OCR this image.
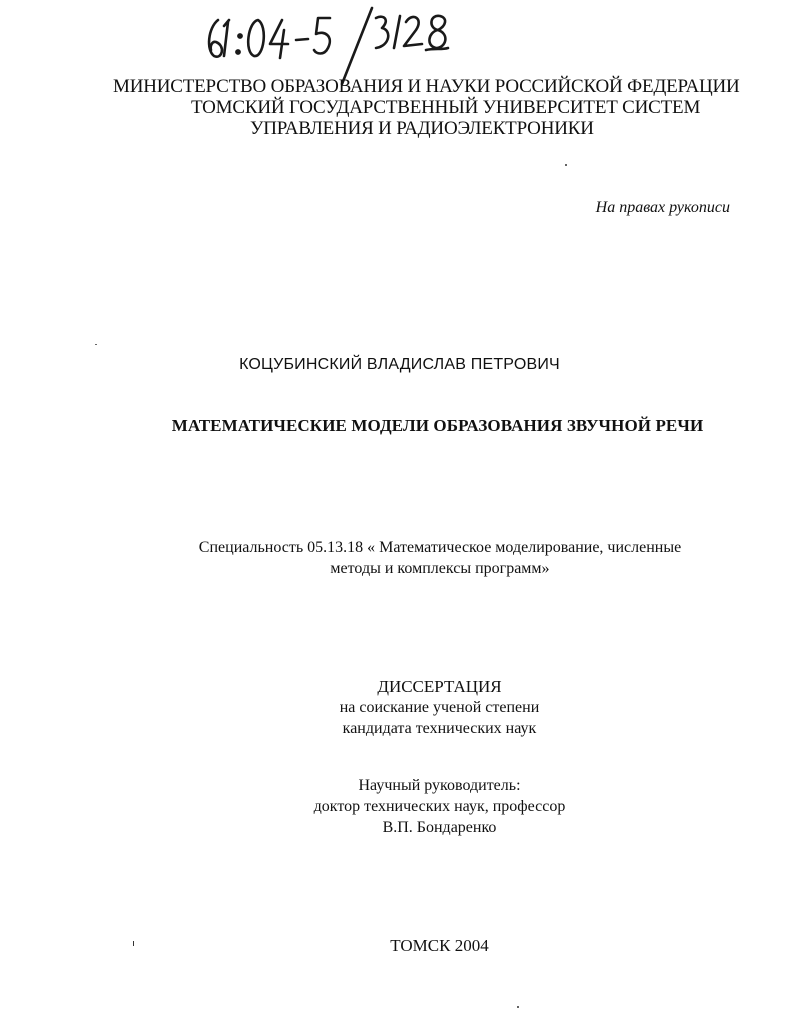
МИНИСТЕРСТВО ОБРАЗОВАНИЯ И НАУКИ РОССИЙСКОЙ ФЕДЕРАЦИИ
ТОМСКИЙ ГОСУДАРСТВЕННЫЙ УНИВЕРСИТЕТ СИСТЕМ
УПРАВЛЕНИЯ И РАДИОЭЛЕКТРОНИКИ
На правах рукописи
КОЦУБИНСКИЙ ВЛАДИСЛАВ ПЕТРОВИЧ
МАТЕМАТИЧЕСКИЕ МОДЕЛИ ОБРАЗОВАНИЯ ЗВУЧНОЙ РЕЧИ
Специальность 05.13.18 « Математическое моделирование, численные

методы и комплексы программ»
ДИССЕРТАЦИЯ
на соискание ученой степени
кандидата технических наук
Научный руководитель:
доктор технических наук, профессор
В.П. Бондаренко
ТОМСК 2004
